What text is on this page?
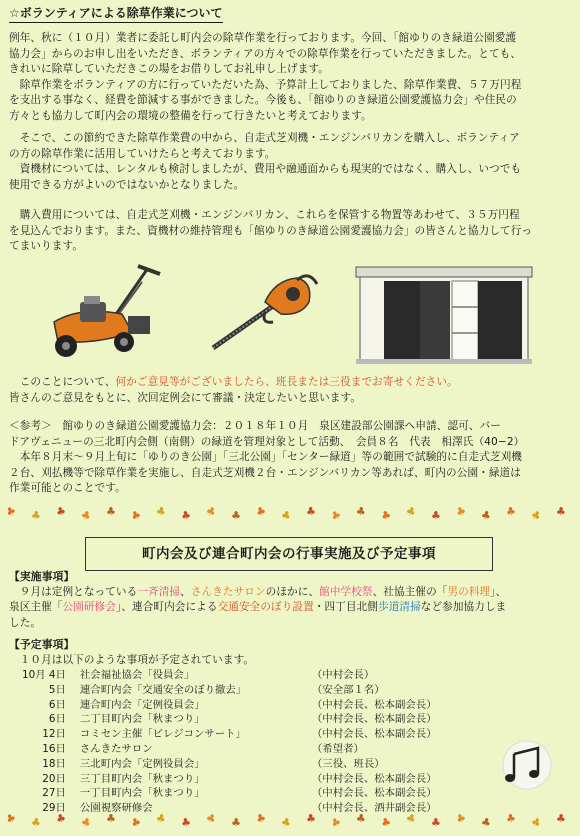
☆ボランティアによる除草作業について
例年、秋に（１０月）業者に委託し町内会の除草作業を行っております。今回、「館ゆりのき緑道公園愛護
協力会」からのお申し出をいただき、ボランティアの方々での除草作業を行っていただきました。とても、
きれいに除草していただきこの場をお借りしてお礼申し上げます。
　除草作業をボランティアの方に行っていただいた為、予算計上しておりました、除草作業費、５７万円程
を支出する事なく、経費を節減する事ができました。今後も、「館ゆりのき緑道公園愛護協力会」や住民の
方々とも協力して町内会の環境の整備を行って行きたいと考えております。
　そこで、この節約できた除草作業費の中から、自走式芝刈機・エンジンバリカンを購入し、ボランティア
の方の除草作業に活用していけたらと考えております。
　資機材については、レンタルも検討しましたが、費用や融通面からも現実的ではなく、購入し、いつでも
使用できる方がよいのではないかとなりました。
　購入費用については、自走式芝刈機・エンジンバリカン、これらを保管する物置等あわせて、３５万円程
を見込んでおります。また、資機材の維持管理も「館ゆりのき緑道公園愛護協力会」の皆さんと協力して行っ
てまいります。
　このことについて、何かご意見等がございましたら、班長または三役までお寄せください。
皆さんのご意見をもとに、次回定例会にて審議・決定したいと思います。
＜参考＞　館ゆりのき緑道公園愛護協力会：２０１８年１０月　泉区建設部公園課へ申請、認可、バー
ドアヴェニューの三北町内会側（南側）の緑道を管理対象として活動、　会員８名　代表　相澤氏（40−2）
　本年８月末〜９月上旬に「ゆりのき公園」「三北公園」「センター緑道」等の範囲で試験的に自走式芝刈機
２台、刈払機等で除草作業を実施し、自走式芝刈機２台・エンジンバリカン等あれば、町内の公園・緑道は
作業可能とのことです。
町内会及び連合町内会の行事実施及び予定事項
【実施事項】
　９月は定例となっている一斉清掃、さんきたサロンのほかに、館中学校祭、社協主催の「男の料理」、
泉区主催「公園研修会」、連合町内会による交通安全のぼり設置・四丁目北側歩道清掃など参加協力しま
した。
【予定事項】
　１０月は以下のような事項が予定されています。
10月 4日	社会福祉協会「役員会」	（中村会長）
5日	連合町内会「交通安全のぼり撤去」	（安全部１名）
6日	連合町内会「定例役員会」	（中村会長、松本副会長）
6日	二丁目町内会「秋まつり」	（中村会長、松本副会長）
12日	コミセン主催「ビレジコンサート」	（中村会長、松本副会長）
16日	さんきたサロン	（希望者）
18日	三北町内会「定例役員会」	（三役、班長）
20日	三丁目町内会「秋まつり」	（中村会長、松本副会長）
27日	一丁目町内会「秋まつり」	（中村会長、松本副会長）
29日	公園視察研修会	（中村会長、酒井副会長）
♣ ♣ ♣ ♣ ♣ ♣ ♣ ♣ ♣ ♣ ♣ ♣ ♣ ♣ ♣ ♣ ♣ ♣ ♣ ♣ ♣ ♣ ♣
♣ ♣ ♣ ♣ ♣ ♣ ♣ ♣ ♣ ♣ ♣ ♣ ♣ ♣ ♣ ♣ ♣ ♣ ♣ ♣ ♣ ♣ ♣
